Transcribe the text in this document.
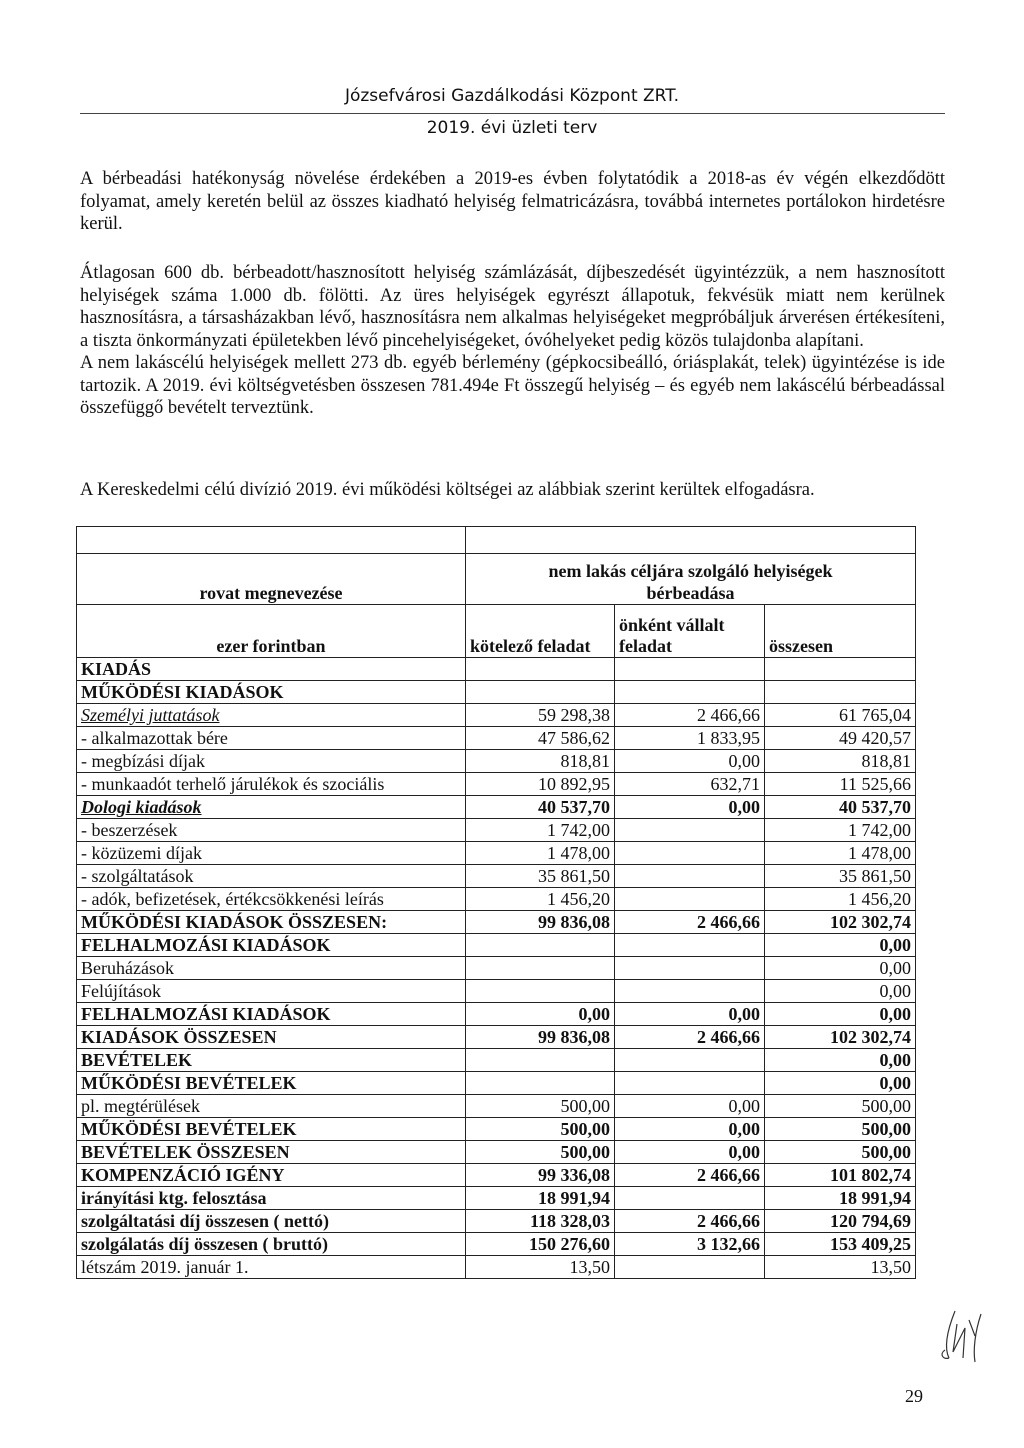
Józsefvárosi Gazdálkodási Központ ZRT.
2019. évi üzleti terv

A bérbeadási hatékonyság növelése érdekében a 2019-es évben folytatódik a 2018-as év végén elkezdődött folyamat, amely keretén belül az összes kiadható helyiség felmatricázásra, továbbá internetes portálokon hirdetésre kerül.

Átlagosan 600 db. bérbeadott/hasznosított helyiség számlázását, díjbeszedését ügyintézzük, a nem hasznosított helyiségek száma 1.000 db. fölötti. Az üres helyiségek egyrészt állapotuk, fekvésük miatt nem kerülnek hasznosításra, a társasházakban lévő, hasznosításra nem alkalmas helyiségeket megpróbáljuk árverésen értékesíteni, a tiszta önkormányzati épületekben lévő pincehelyiségeket, óvóhelyeket pedig közös tulajdonba alapítani.
A nem lakáscélú helyiségek mellett 273 db. egyéb bérlemény (gépkocsibeálló, óriásplakát, telek) ügyintézése is ide tartozik. A 2019. évi költségvetésben összesen 781.494e Ft összegű helyiség – és egyéb nem lakáscélú bérbeadással összefüggő bevételt terveztünk.

A Kereskedelmi célú divízió 2019. évi működési költségei az alábbiak szerint kerültek elfogadásra.

rovat megnevezése	nem lakás céljára szolgáló helyiségek bérbeadása		
ezer forintban	kötelező feladat	önként vállalt feladat	összesen
KIADÁS			
MŰKÖDÉSI KIADÁSOK			
Személyi juttatások	59 298,38	2 466,66	61 765,04
- alkalmazottak bére	47 586,62	1 833,95	49 420,57
- megbízási díjak	818,81	0,00	818,81
- munkaadót terhelő járulékok és szociális	10 892,95	632,71	11 525,66
Dologi kiadások	40 537,70	0,00	40 537,70
- beszerzések	1 742,00		1 742,00
- közüzemi díjak	1 478,00		1 478,00
- szolgáltatások	35 861,50		35 861,50
- adók, befizetések, értékcsökkenési leírás	1 456,20		1 456,20
MŰKÖDÉSI KIADÁSOK ÖSSZESEN:	99 836,08	2 466,66	102 302,74
FELHALMOZÁSI KIADÁSOK			0,00
Beruházások			0,00
Felújítások			0,00
FELHALMOZÁSI KIADÁSOK	0,00	0,00	0,00
KIADÁSOK ÖSSZESEN	99 836,08	2 466,66	102 302,74
BEVÉTELEK			0,00
MŰKÖDÉSI BEVÉTELEK			0,00
pl. megtérülések	500,00	0,00	500,00
MŰKÖDÉSI BEVÉTELEK	500,00	0,00	500,00
BEVÉTELEK ÖSSZESEN	500,00	0,00	500,00
KOMPENZÁCIÓ IGÉNY	99 336,08	2 466,66	101 802,74
irányítási ktg. felosztása	18 991,94		18 991,94
szolgáltatási díj összesen ( nettó)	118 328,03	2 466,66	120 794,69
szolgálatás díj összesen ( bruttó)	150 276,60	3 132,66	153 409,25
létszám 2019. január 1.	13,50		13,50
29
